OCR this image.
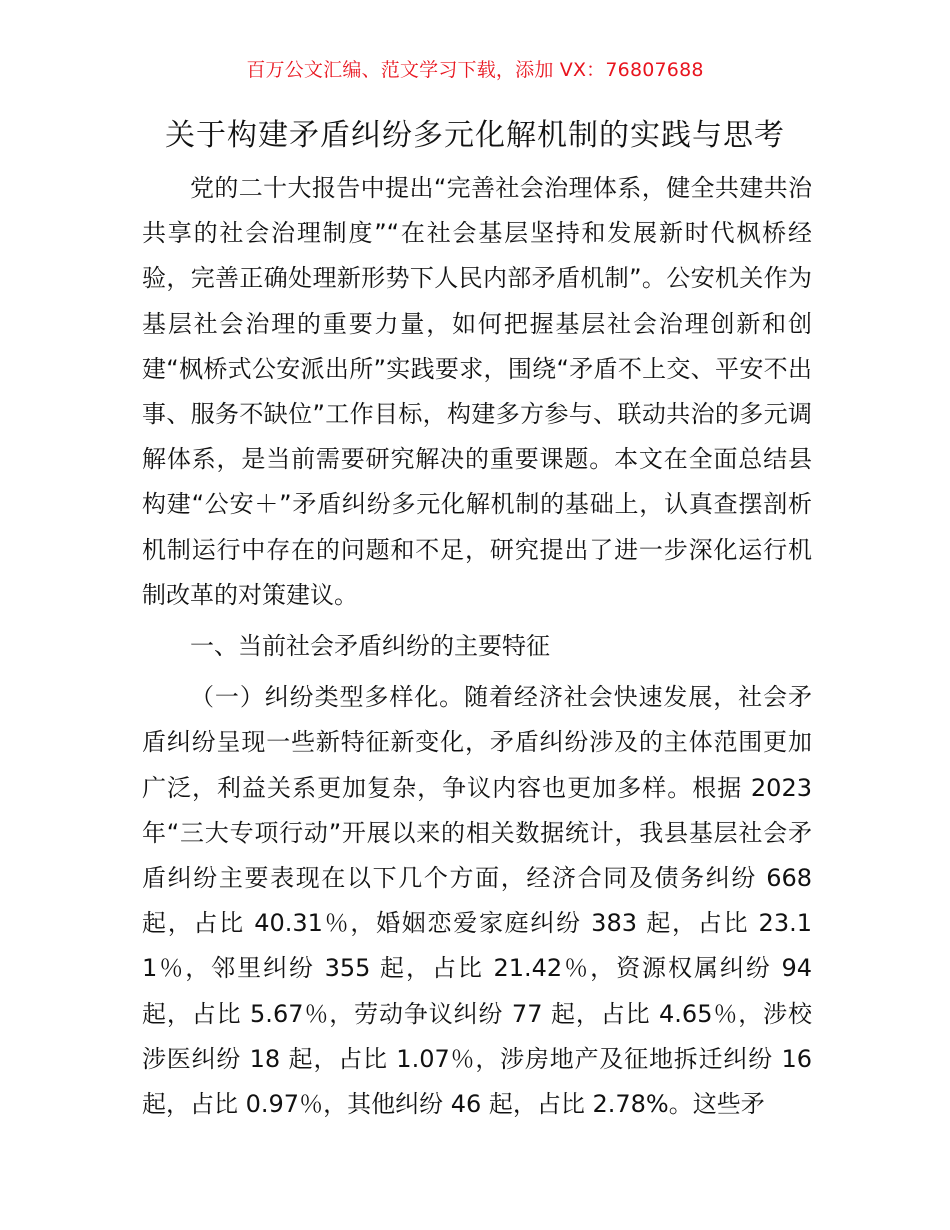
百万公文汇编、范文学习下载，添加 VX：76807688
关于构建矛盾纠纷多元化解机制的实践与思考

党的二十大报告中提出“完善社会治理体系，健全共建共治共享的社会治理制度”“在社会基层坚持和发展新时代枫桥经验，完善正确处理新形势下人民内部矛盾机制”。公安机关作为基层社会治理的重要力量，如何把握基层社会治理创新和创建“枫桥式公安派出所”实践要求，围绕“矛盾不上交、平安不出事、服务不缺位”工作目标，构建多方参与、联动共治的多元调解体系，是当前需要研究解决的重要课题。本文在全面总结县构建“公安＋”矛盾纠纷多元化解机制的基础上，认真查摆剖析机制运行中存在的问题和不足，研究提出了进一步深化运行机制改革的对策建议。

一、当前社会矛盾纠纷的主要特征

（一）纠纷类型多样化。随着经济社会快速发展，社会矛盾纠纷呈现一些新特征新变化，矛盾纠纷涉及的主体范围更加广泛，利益关系更加复杂，争议内容也更加多样。根据 2023 年“三大专项行动”开展以来的相关数据统计，我县基层社会矛盾纠纷主要表现在以下几个方面，经济合同及债务纠纷 668 起，占比 40.31％，婚姻恋爱家庭纠纷 383 起，占比 23.11％，邻里纠纷 355 起，占比 21.42％，资源权属纠纷 94 起，占比 5.67％，劳动争议纠纷 77 起，占比 4.65％，涉校涉医纠纷 18 起，占比 1.07％，涉房地产及征地拆迁纠纷 16 起，占比 0.97％，其他纠纷 46 起，占比 2.78%。这些矛
